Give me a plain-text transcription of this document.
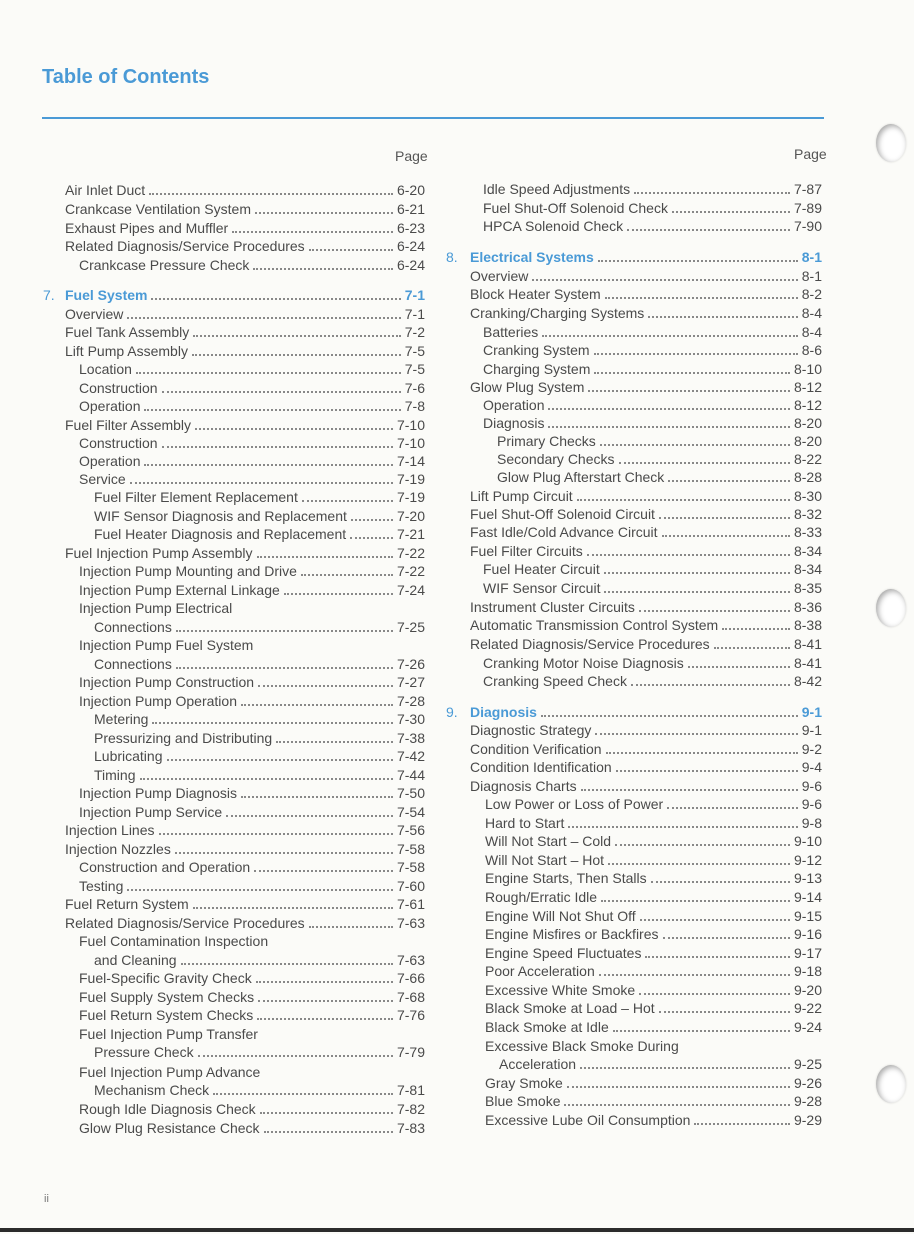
Table of Contents
Page	Page
Air Inlet Duct	6-20
Crankcase Ventilation System	6-21
Exhaust Pipes and Muffler	6-23
Related Diagnosis/Service Procedures	6-24
Crankcase Pressure Check	6-24
7. Fuel System	7-1
Overview	7-1
Fuel Tank Assembly	7-2
Lift Pump Assembly	7-5
Location	7-5
Construction	7-6
Operation	7-8
Fuel Filter Assembly	7-10
Construction	7-10
Operation	7-14
Service	7-19
Fuel Filter Element Replacement	7-19
WIF Sensor Diagnosis and Replacement	7-20
Fuel Heater Diagnosis and Replacement	7-21
Fuel Injection Pump Assembly	7-22
Injection Pump Mounting and Drive	7-22
Injection Pump External Linkage	7-24
Injection Pump Electrical
Connections	7-25
Injection Pump Fuel System
Connections	7-26
Injection Pump Construction	7-27
Injection Pump Operation	7-28
Metering	7-30
Pressurizing and Distributing	7-38
Lubricating	7-42
Timing	7-44
Injection Pump Diagnosis	7-50
Injection Pump Service	7-54
Injection Lines	7-56
Injection Nozzles	7-58
Construction and Operation	7-58
Testing	7-60
Fuel Return System	7-61
Related Diagnosis/Service Procedures	7-63
Fuel Contamination Inspection
and Cleaning	7-63
Fuel-Specific Gravity Check	7-66
Fuel Supply System Checks	7-68
Fuel Return System Checks	7-76
Fuel Injection Pump Transfer
Pressure Check	7-79
Fuel Injection Pump Advance
Mechanism Check	7-81
Rough Idle Diagnosis Check	7-82
Glow Plug Resistance Check	7-83
Idle Speed Adjustments	7-87
Fuel Shut-Off Solenoid Check	7-89
HPCA Solenoid Check	7-90
8. Electrical Systems	8-1
Overview	8-1
Block Heater System	8-2
Cranking/Charging Systems	8-4
Batteries	8-4
Cranking System	8-6
Charging System	8-10
Glow Plug System	8-12
Operation	8-12
Diagnosis	8-20
Primary Checks	8-20
Secondary Checks	8-22
Glow Plug Afterstart Check	8-28
Lift Pump Circuit	8-30
Fuel Shut-Off Solenoid Circuit	8-32
Fast Idle/Cold Advance Circuit	8-33
Fuel Filter Circuits	8-34
Fuel Heater Circuit	8-34
WIF Sensor Circuit	8-35
Instrument Cluster Circuits	8-36
Automatic Transmission Control System	8-38
Related Diagnosis/Service Procedures	8-41
Cranking Motor Noise Diagnosis	8-41
Cranking Speed Check	8-42
9. Diagnosis	9-1
Diagnostic Strategy	9-1
Condition Verification	9-2
Condition Identification	9-4
Diagnosis Charts	9-6
Low Power or Loss of Power	9-6
Hard to Start	9-8
Will Not Start – Cold	9-10
Will Not Start – Hot	9-12
Engine Starts, Then Stalls	9-13
Rough/Erratic Idle	9-14
Engine Will Not Shut Off	9-15
Engine Misfires or Backfires	9-16
Engine Speed Fluctuates	9-17
Poor Acceleration	9-18
Excessive White Smoke	9-20
Black Smoke at Load – Hot	9-22
Black Smoke at Idle	9-24
Excessive Black Smoke During
Acceleration	9-25
Gray Smoke	9-26
Blue Smoke	9-28
Excessive Lube Oil Consumption	9-29
ii
